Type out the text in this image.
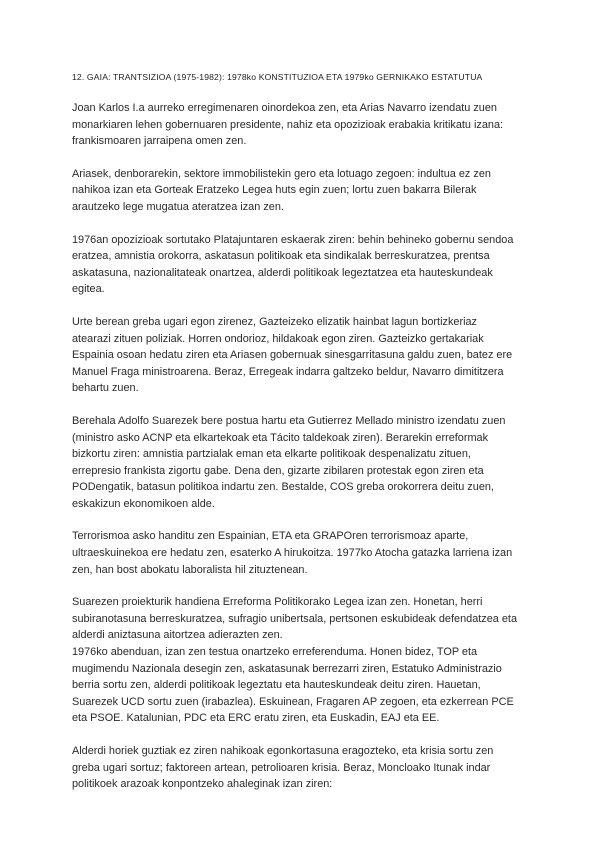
12. GAIA: TRANTSIZIOA (1975-1982): 1978ko KONSTITUZIOA ETA 1979ko GERNIKAKO ESTATUTUA
Joan Karlos I.a aurreko erregimenaren oinordekoa zen, eta Arias Navarro izendatu zuen
monarkiaren lehen gobernuaren presidente, nahiz eta opozizioak erabakia kritikatu izana:
frankismoaren jarraipena omen zen.
Ariasek, denborarekin, sektore immobilistekin gero eta lotuago zegoen: indultua ez zen
nahikoa izan eta Gorteak Eratzeko Legea huts egin zuen; lortu zuen bakarra Bilerak
arautzeko lege mugatua ateratzea izan zen.
1976an opozizioak sortutako Platajuntaren eskaerak ziren: behin behineko gobernu sendoa
eratzea, amnistia orokorra, askatasun politikoak eta sindikalak berreskuratzea, prentsa
askatasuna, nazionalitateak onartzea, alderdi politikoak legeztatzea eta hauteskundeak
egitea.
Urte berean greba ugari egon zirenez, Gazteizeko elizatik hainbat lagun bortizkeriaz
atearazi zituen poliziak. Horren ondorioz, hildakoak egon ziren. Gazteizko gertakariak
Espainia osoan hedatu ziren eta Ariasen gobernuak sinesgarritasuna galdu zuen, batez ere
Manuel Fraga ministroarena. Beraz, Erregeak indarra galtzeko beldur, Navarro dimititzera
behartu zuen.
Berehala Adolfo Suarezek bere postua hartu eta Gutierrez Mellado ministro izendatu zuen
(ministro asko ACNP eta elkartekoak eta Tácito taldekoak ziren). Berarekin erreformak
bizkortu ziren: amnistia partzialak eman eta elkarte politikoak despenalizatu zituen,
errepresio frankista zigortu gabe. Dena den, gizarte zibilaren protestak egon ziren eta
PODengatik, batasun politikoa indartu zen. Bestalde, COS greba orokorrera deitu zuen,
eskakizun ekonomikoen alde.
Terrorismoa asko handitu zen Espainian, ETA eta GRAPOren terrorismoaz aparte,
ultraeskuinekoa ere hedatu zen, esaterko A hirukoitza. 1977ko Atocha gatazka larriena izan
zen, han bost abokatu laboralista hil zituztenean.
Suarezen proiekturik handiena Erreforma Politikorako Legea izan zen. Honetan, herri
subiranotasuna berreskuratzea, sufragio unibertsala, pertsonen eskubideak defendatzea eta
alderdi aniztasuna aitortzea adierazten zen.
1976ko abenduan, izan zen testua onartzeko erreferenduma. Honen bidez, TOP eta
mugimendu Nazionala desegin zen, askatasunak berrezarri ziren, Estatuko Administrazio
berria sortu zen, alderdi politikoak legeztatu eta hauteskundeak deitu ziren. Hauetan,
Suarezek UCD sortu zuen (irabazlea). Eskuinean, Fragaren AP zegoen, eta ezkerrean PCE
eta PSOE. Katalunian, PDC eta ERC eratu ziren, eta Euskadin, EAJ eta EE.
Alderdi horiek guztiak ez ziren nahikoak egonkortasuna eragozteko, eta krisia sortu zen
greba ugari sortuz; faktoreen artean, petrolioaren krisia. Beraz, Moncloako Itunak indar
politikoek arazoak konpontzeko ahaleginak izan ziren:
